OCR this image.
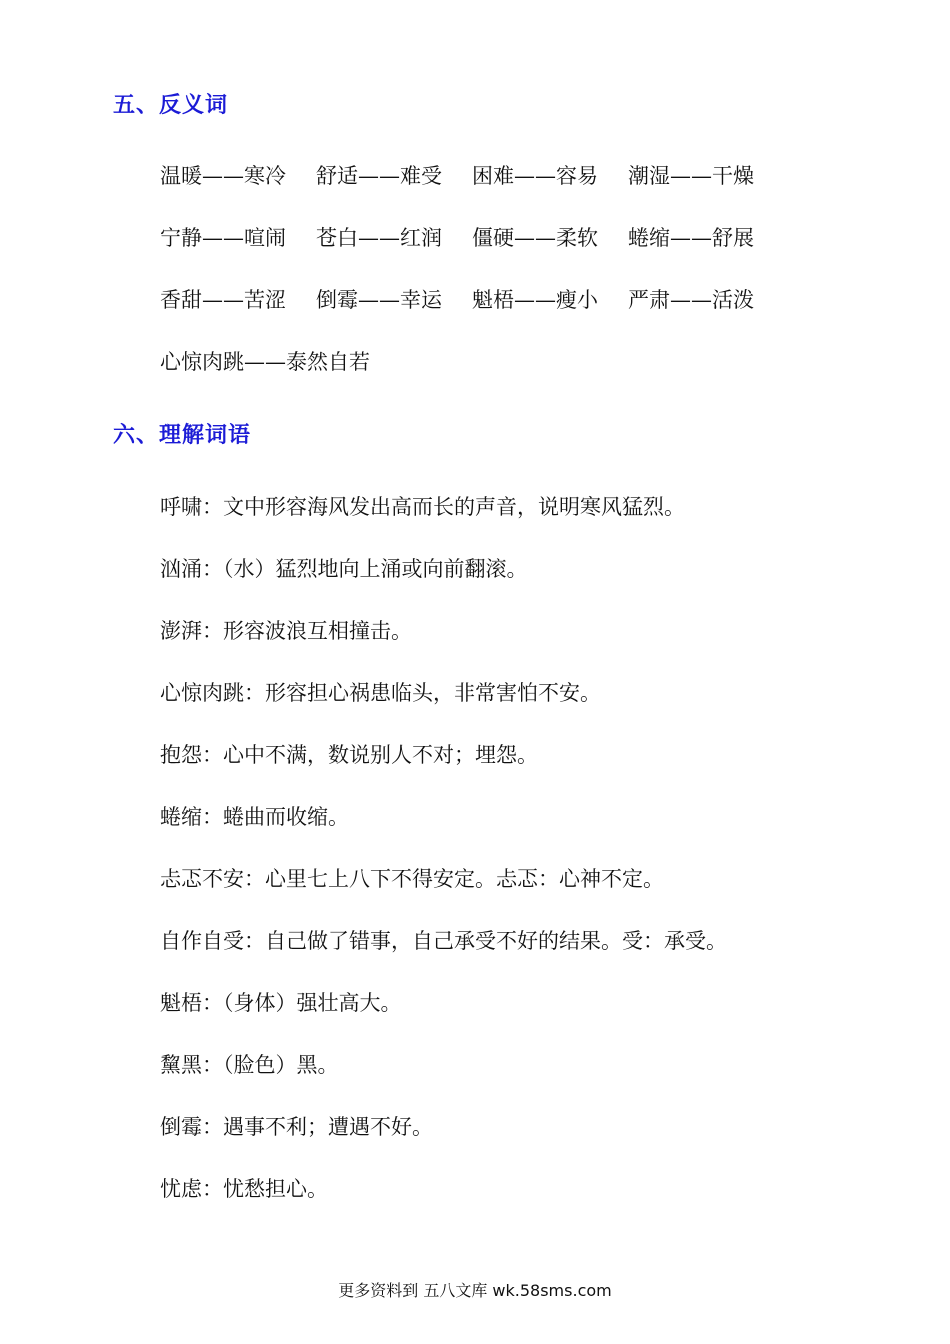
五、反义词
温暖——寒冷	舒适——难受	困难——容易	潮湿——干燥
宁静——喧闹	苍白——红润	僵硬——柔软	蜷缩——舒展
香甜——苦涩	倒霉——幸运	魁梧——瘦小	严肃——活泼
心惊肉跳——泰然自若
六、理解词语

呼啸：文中形容海风发出高而长的声音，说明寒风猛烈。

汹涌：（水）猛烈地向上涌或向前翻滚。

澎湃：形容波浪互相撞击。

心惊肉跳：形容担心祸患临头，非常害怕不安。

抱怨：心中不满，数说别人不对；埋怨。

蜷缩：蜷曲而收缩。

忐忑不安：心里七上八下不得安定。忐忑：心神不定。

自作自受：自己做了错事，自己承受不好的结果。受：承受。

魁梧：（身体）强壮高大。

黧黑：（脸色）黑。

倒霉：遇事不利；遭遇不好。

忧虑：忧愁担心。

更多资料到 五八文库 wk.58sms.com
